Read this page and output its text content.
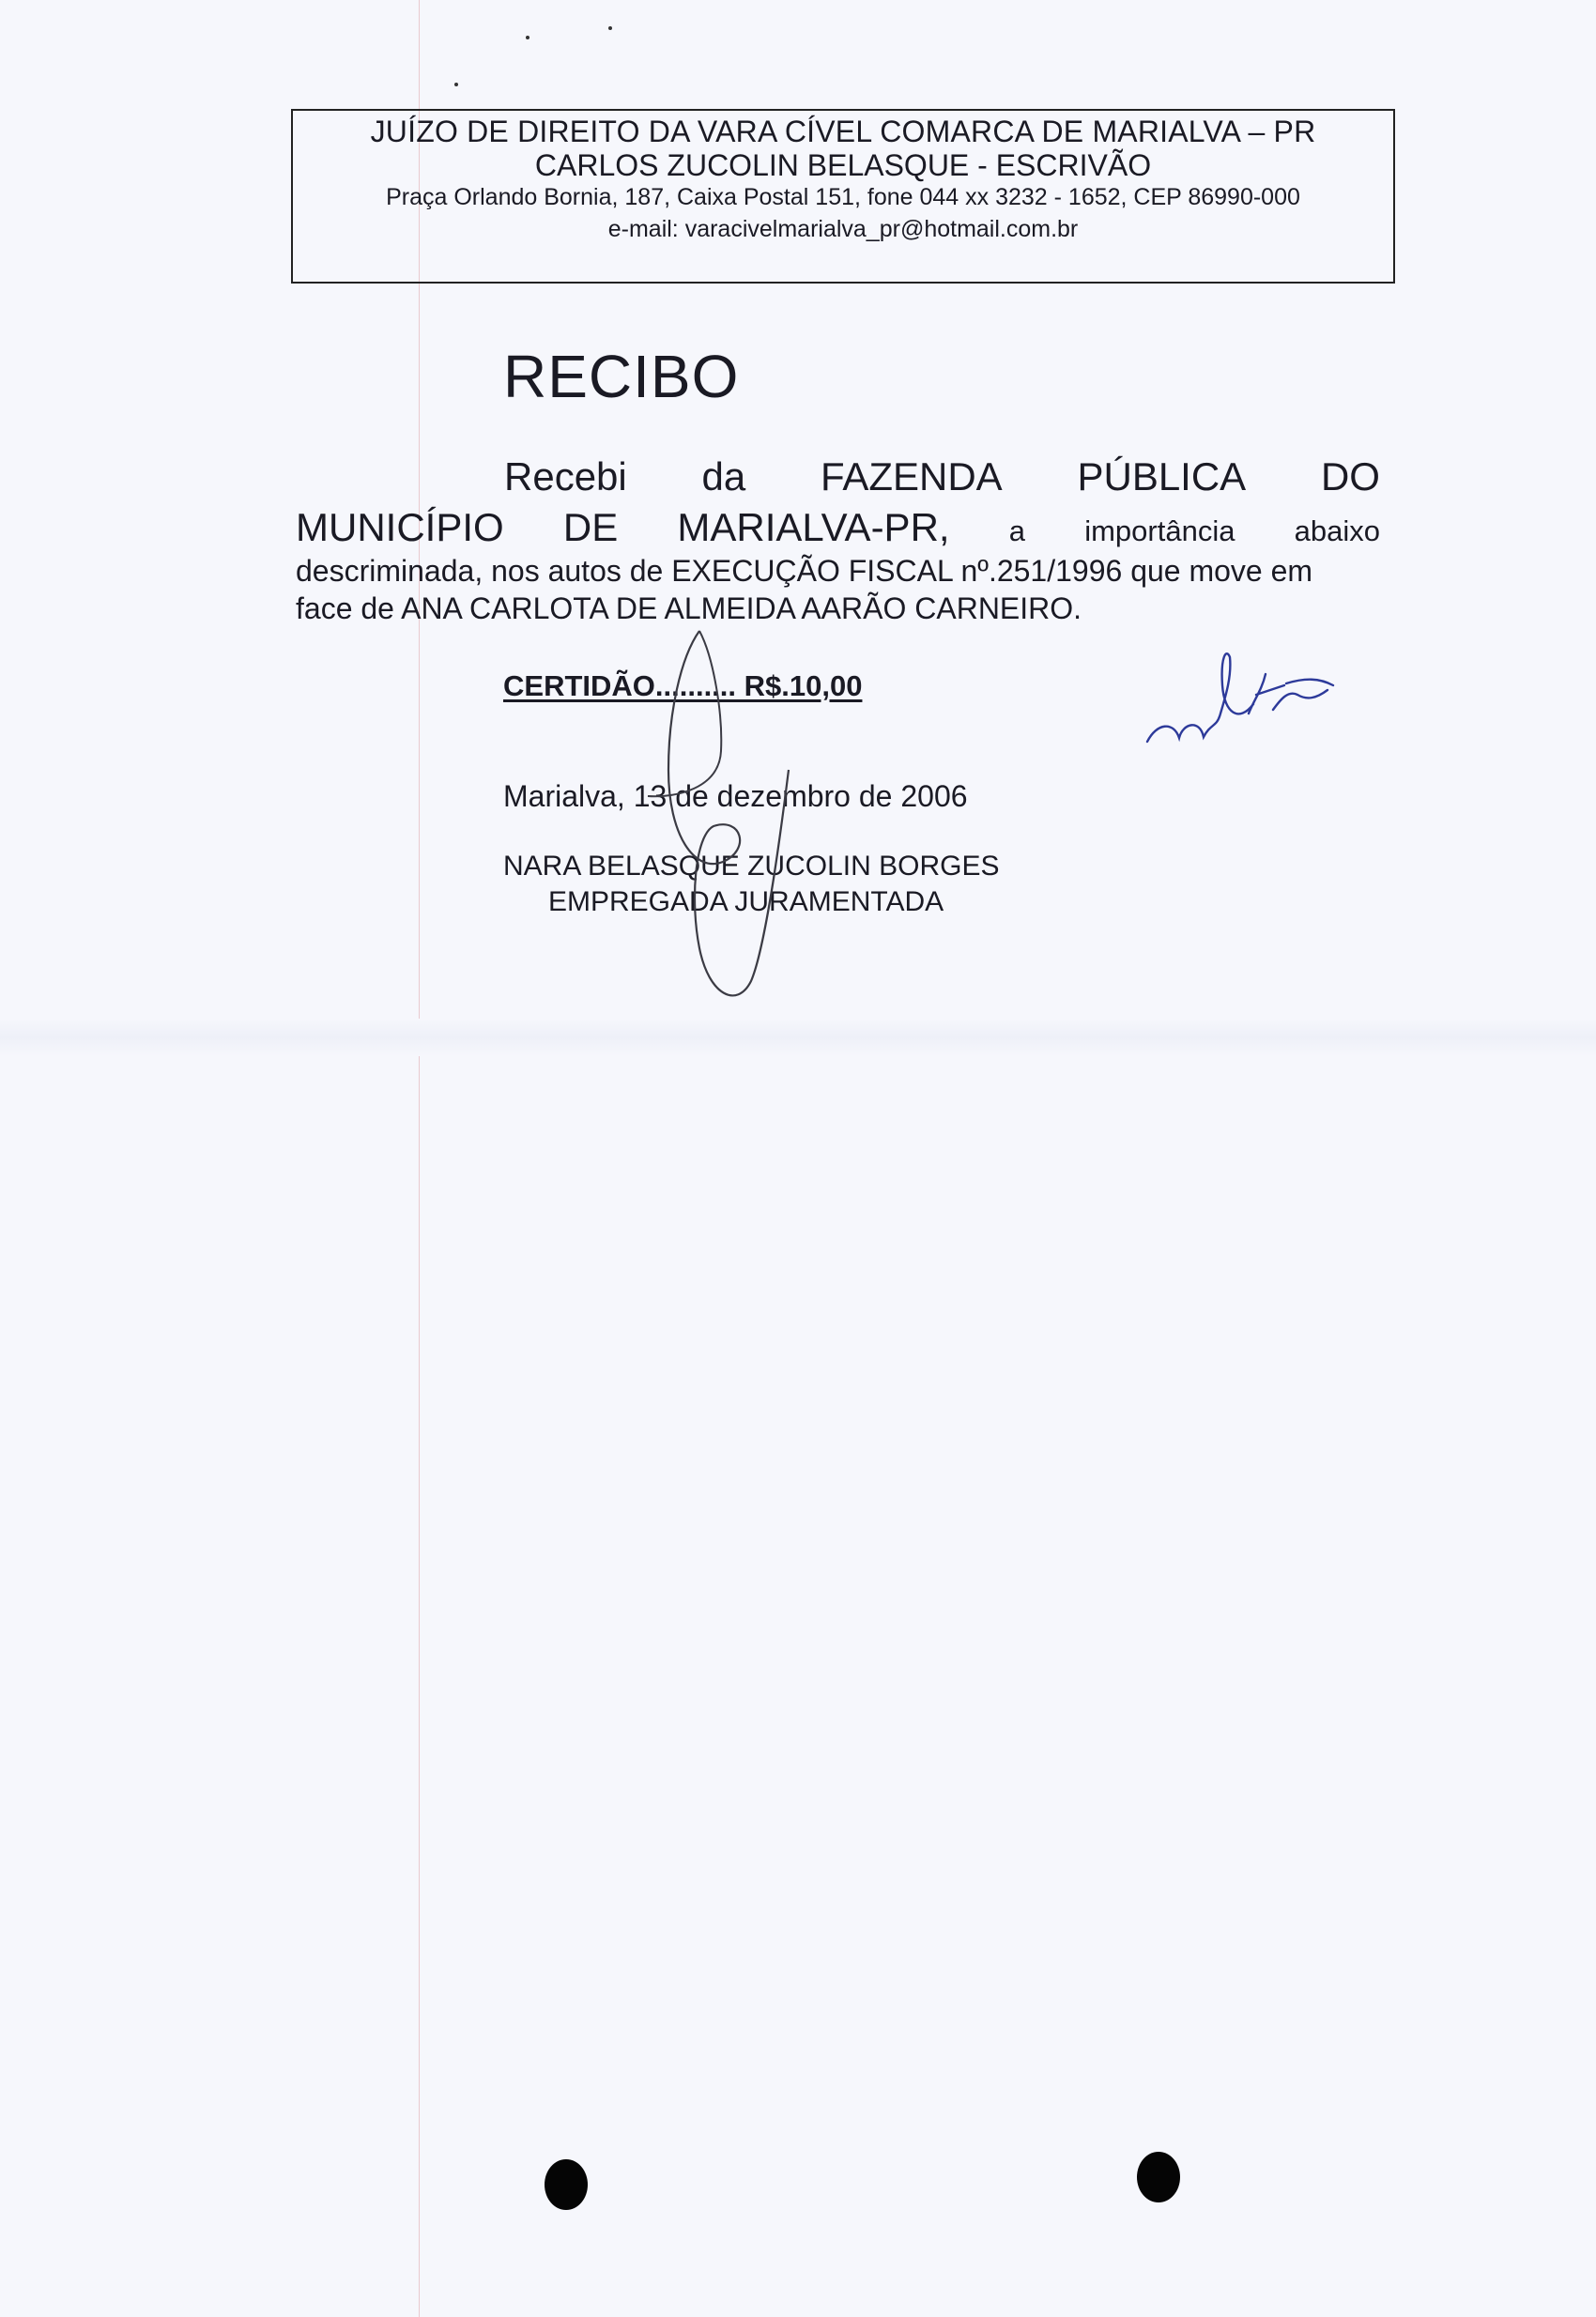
JUÍZO DE DIREITO DA VARA CÍVEL COMARCA DE MARIALVA – PR
CARLOS ZUCOLIN BELASQUE - ESCRIVÃO
Praça Orlando Bornia, 187, Caixa Postal 151, fone 044 xx 3232 - 1652, CEP 86990-000
e-mail: varacivelmarialva_pr@hotmail.com.br
RECIBO
Recebi da FAZENDA PÚBLICA DO
MUNICÍPIO DE MARIALVA-PR, a importância abaixo
descriminada, nos autos de EXECUÇÃO FISCAL nº.251/1996 que move em
face de ANA CARLOTA DE ALMEIDA AARÃO CARNEIRO.
CERTIDÃO.......... R$.10,00
Marialva, 13 de dezembro de 2006
NARA BELASQUE ZUCOLIN BORGES
EMPREGADA JURAMENTADA
